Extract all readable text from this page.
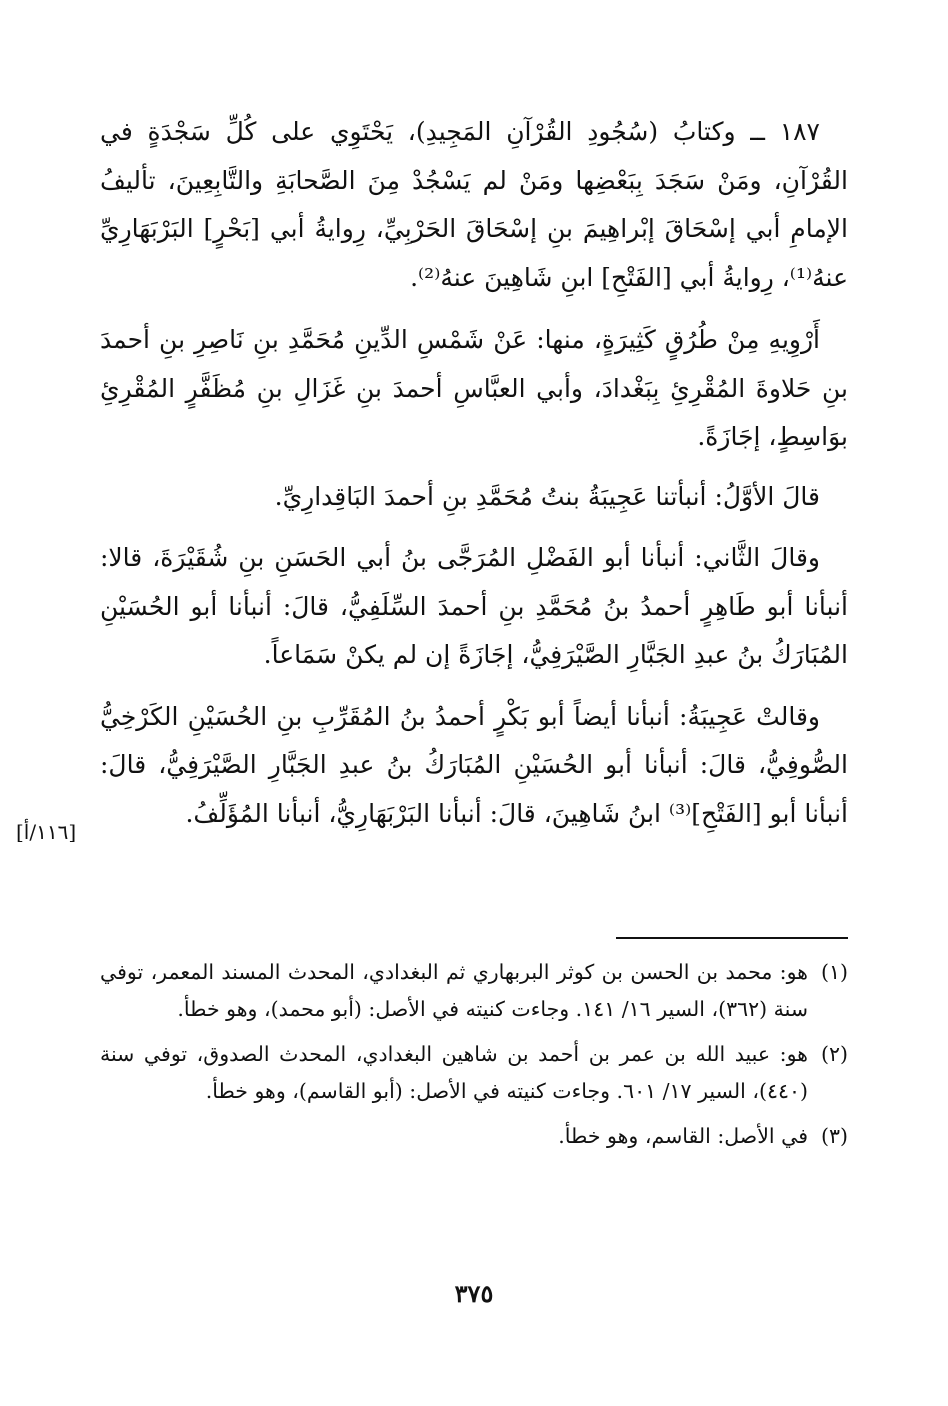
١٨٧ ــ وكتابُ (سُجُودِ القُرْآنِ المَجِيدِ)، يَحْتَوِي على كُلِّ سَجْدَةٍ في القُرْآنِ، ومَنْ سَجَدَ بِبَعْضِها ومَنْ لم يَسْجُدْ مِنَ الصَّحابَةِ والتَّابِعِينَ، تأليفُ الإمامِ أبي إسْحَاقَ إبْراهِيمَ بنِ إسْحَاقَ الحَرْبِيِّ، رِوايةُ أبي [بَحْرٍ] البَرْبَهَارِيِّ عنهُ⁽¹⁾، رِوايةُ أبي [الفَتْحِ] ابنِ شَاهِينَ عنهُ⁽²⁾.

أَرْوِيهِ مِنْ طُرُقٍ كَثِيرَةٍ، منها: عَنْ شَمْسِ الدِّينِ مُحَمَّدِ بنِ نَاصِرِ بنِ أحمدَ بنِ حَلاوةَ المُقْرِئِ بِبَغْدادَ، وأبي العبَّاسِ أحمدَ بنِ غَزَالِ بنِ مُظَفَّرٍ المُقْرِئِ بوَاسِطٍ، إجَازَةً.

قالَ الأوَّلُ: أنبأتنا عَجِيبَةُ بنتُ مُحَمَّدِ بنِ أحمدَ البَاقِدارِيِّ.

وقالَ الثَّاني: أنبأنا أبو الفَضْلِ المُرَجَّى بنُ أبي الحَسَنِ بنِ شُقَيْرَةَ، قالا: أنبأنا أبو طَاهِرٍ أحمدُ بنُ مُحَمَّدِ بنِ أحمدَ السِّلَفِيُّ، قالَ: أنبأنا أبو الحُسَيْنِ المُبَارَكُ بنُ عبدِ الجَبَّارِ الصَّيْرَفِيُّ، إجَازَةً إن لم يكنْ سَمَاعاً.

وقالتْ عَجِيبَةُ: أنبأنا أيضاً أبو بَكْرٍ أحمدُ بنُ المُقَرِّبِ بنِ الحُسَيْنِ الكَرْخِيُّ الصُّوفِيُّ، قالَ: أنبأنا أبو الحُسَيْنِ المُبَارَكُ بنُ عبدِ الجَبَّارِ الصَّيْرَفِيُّ، قالَ: أنبأنا أبو [الفَتْحِ]⁽³⁾ ابنُ شَاهِينَ، قالَ: أنبأنا البَرْبَهَارِيُّ، أنبأنا المُؤَلِّفُ.

[١١٦/أ]
(١)
هو: محمد بن الحسن بن كوثر البربهاري ثم البغدادي، المحدث المسند المعمر، توفي سنة (٣٦٢)، السير ١٦/ ١٤١. وجاءت كنيته في الأصل: (أبو محمد)، وهو خطأ.
(٢)
هو: عبيد الله بن عمر بن أحمد بن شاهين البغدادي، المحدث الصدوق، توفي سنة (٤٤٠)، السير ١٧/ ٦٠١. وجاءت كنيته في الأصل: (أبو القاسم)، وهو خطأ.
(٣)
في الأصل: القاسم، وهو خطأ.
٣٧٥
